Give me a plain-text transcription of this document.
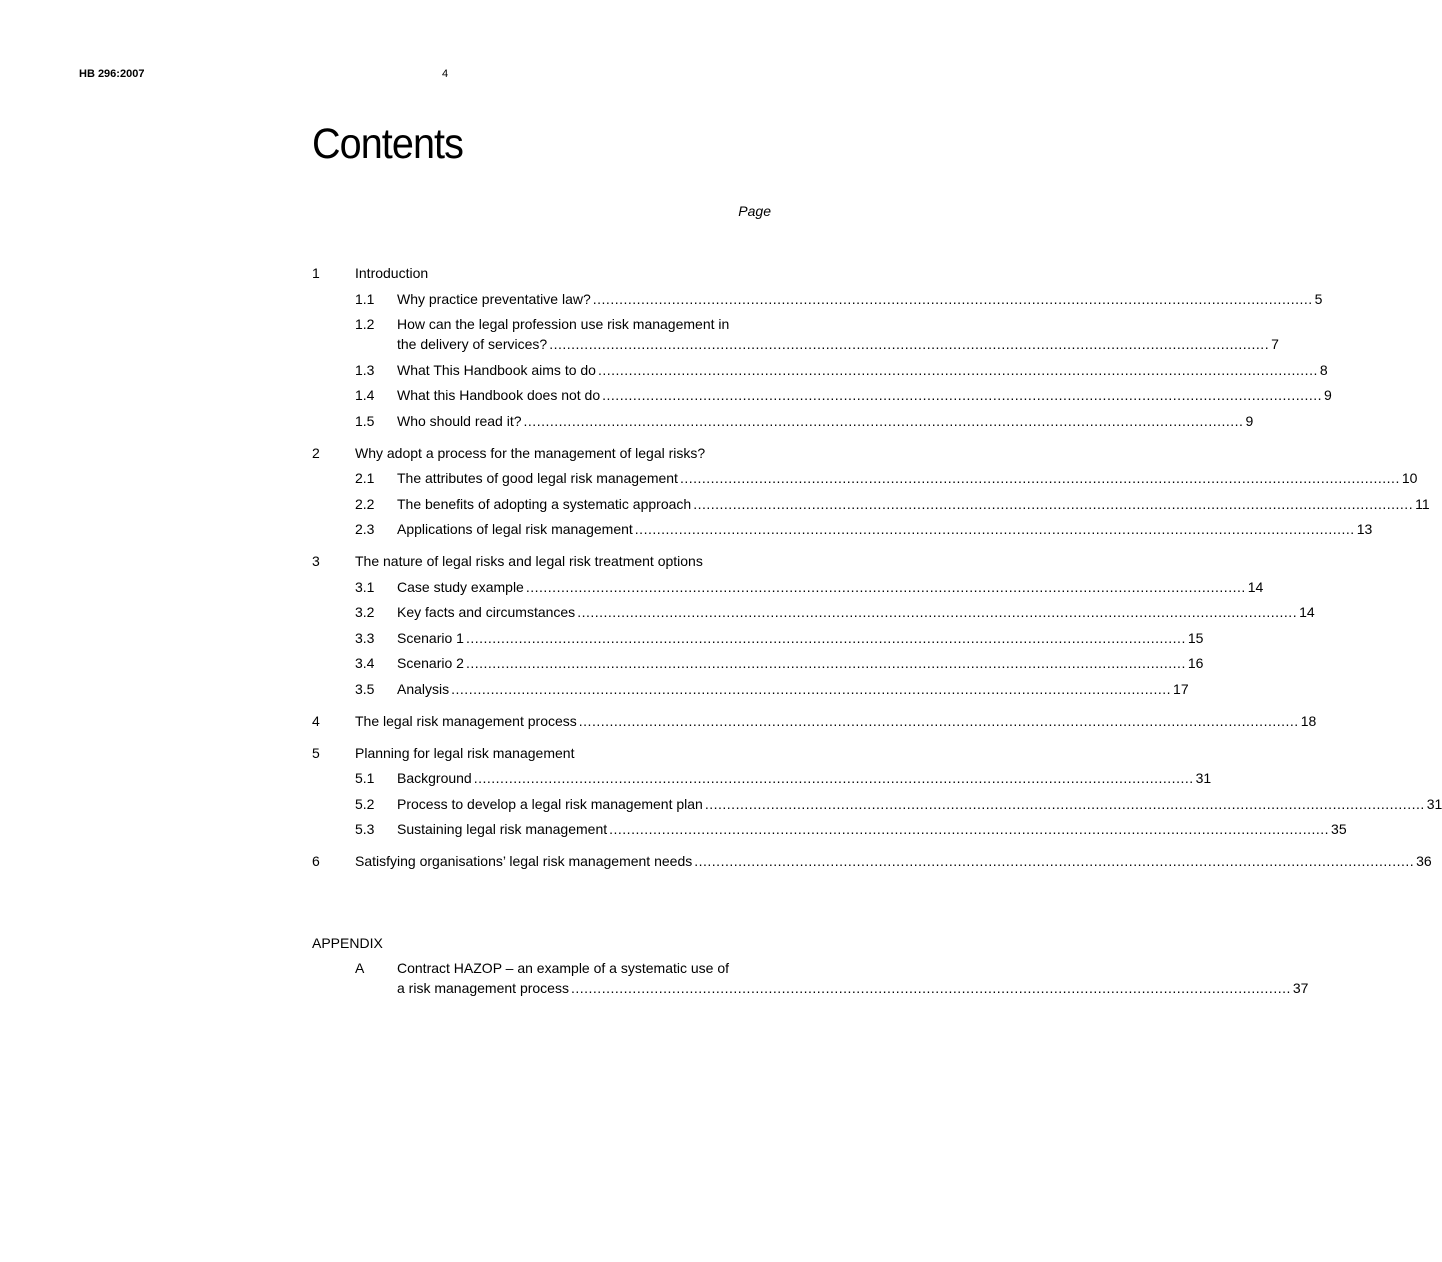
HB 296:2007	4
Contents
Page
1	Introduction
1.1	Why practice preventative law? .....	5
1.2	How can the legal profession use risk management in
the delivery of services? .....	7
1.3	What This Handbook aims to do .....	8
1.4	What this Handbook does not do .....	9
1.5	Who should read it? .....	9
2	Why adopt a process for the management of legal risks?
2.1	The attributes of good legal risk management .....	10
2.2	The benefits of adopting a systematic approach .....	11
2.3	Applications of legal risk management .....	13
3	The nature of legal risks and legal risk treatment options
3.1	Case study example .....	14
3.2	Key facts and circumstances .....	14
3.3	Scenario 1 .....	15
3.4	Scenario 2 .....	16
3.5	Analysis .....	17
4	The legal risk management process .....	18
5	Planning for legal risk management
5.1	Background .....	31
5.2	Process to develop a legal risk management plan .....	31
5.3	Sustaining legal risk management .....	35
6	Satisfying organisations’ legal risk management needs .....	36
APPENDIX
A	Contract HAZOP – an example of a systematic use of
a risk management process .....	37
